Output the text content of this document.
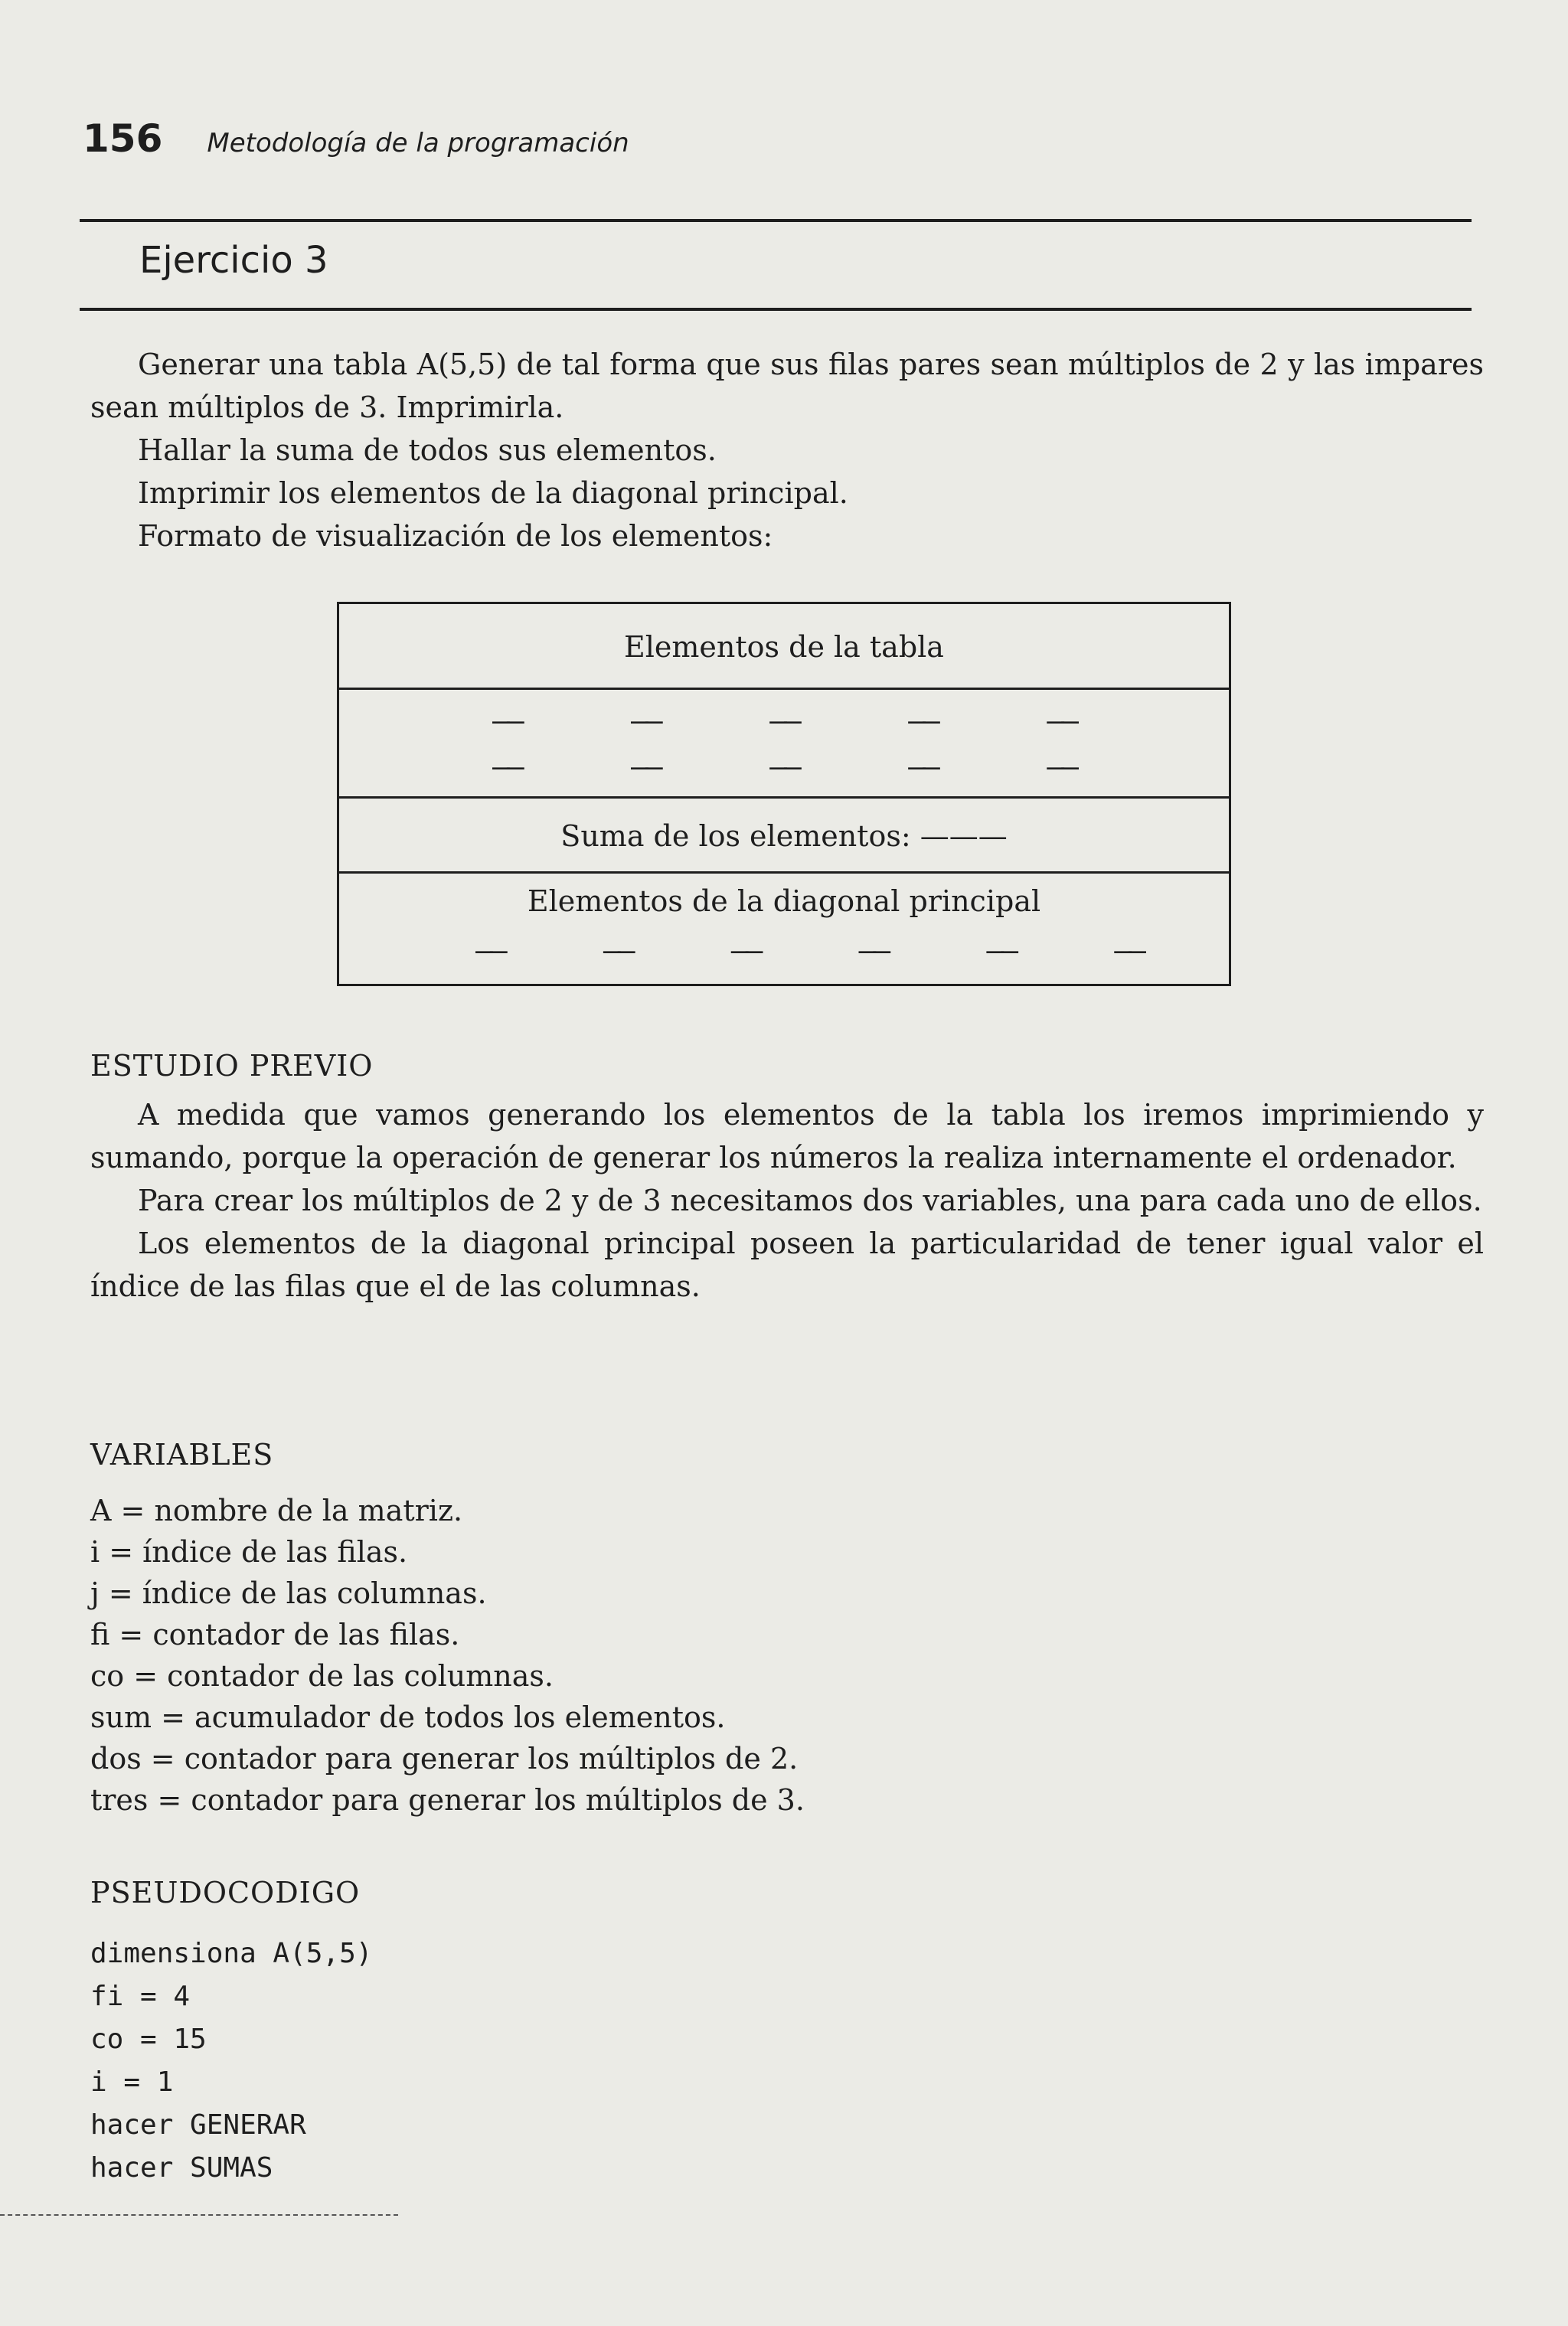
156 Metodología de la programación
Ejercicio 3

Generar una tabla A(5,5) de tal forma que sus filas pares sean múltiplos de 2 y las impares sean múltiplos de 3. Imprimirla.

Hallar la suma de todos sus elementos.

Imprimir los elementos de la diagonal principal.

Formato de visualización de los elementos:

Elementos de la tabla
——	——	——	——	——
——	——	——	——	——
Suma de los elementos: ———
Elementos de la diagonal principal
——	——	——	——	——	——
ESTUDIO PREVIO

A medida que vamos generando los elementos de la tabla los iremos imprimiendo y sumando, porque la operación de generar los números la realiza internamente el ordenador.

Para crear los múltiplos de 2 y de 3 necesitamos dos variables, una para cada uno de ellos.

Los elementos de la diagonal principal poseen la particularidad de tener igual valor el índice de las filas que el de las columnas.

VARIABLES
A = nombre de la matriz.
i = índice de las filas.
j = índice de las columnas.
fi = contador de las filas.
co = contador de las columnas.
sum = acumulador de todos los elementos.
dos = contador para generar los múltiplos de 2.
tres = contador para generar los múltiplos de 3.
PSEUDOCODIGO
dimensiona A(5,5)
fi = 4
co = 15
i = 1
hacer GENERAR
hacer SUMAS
